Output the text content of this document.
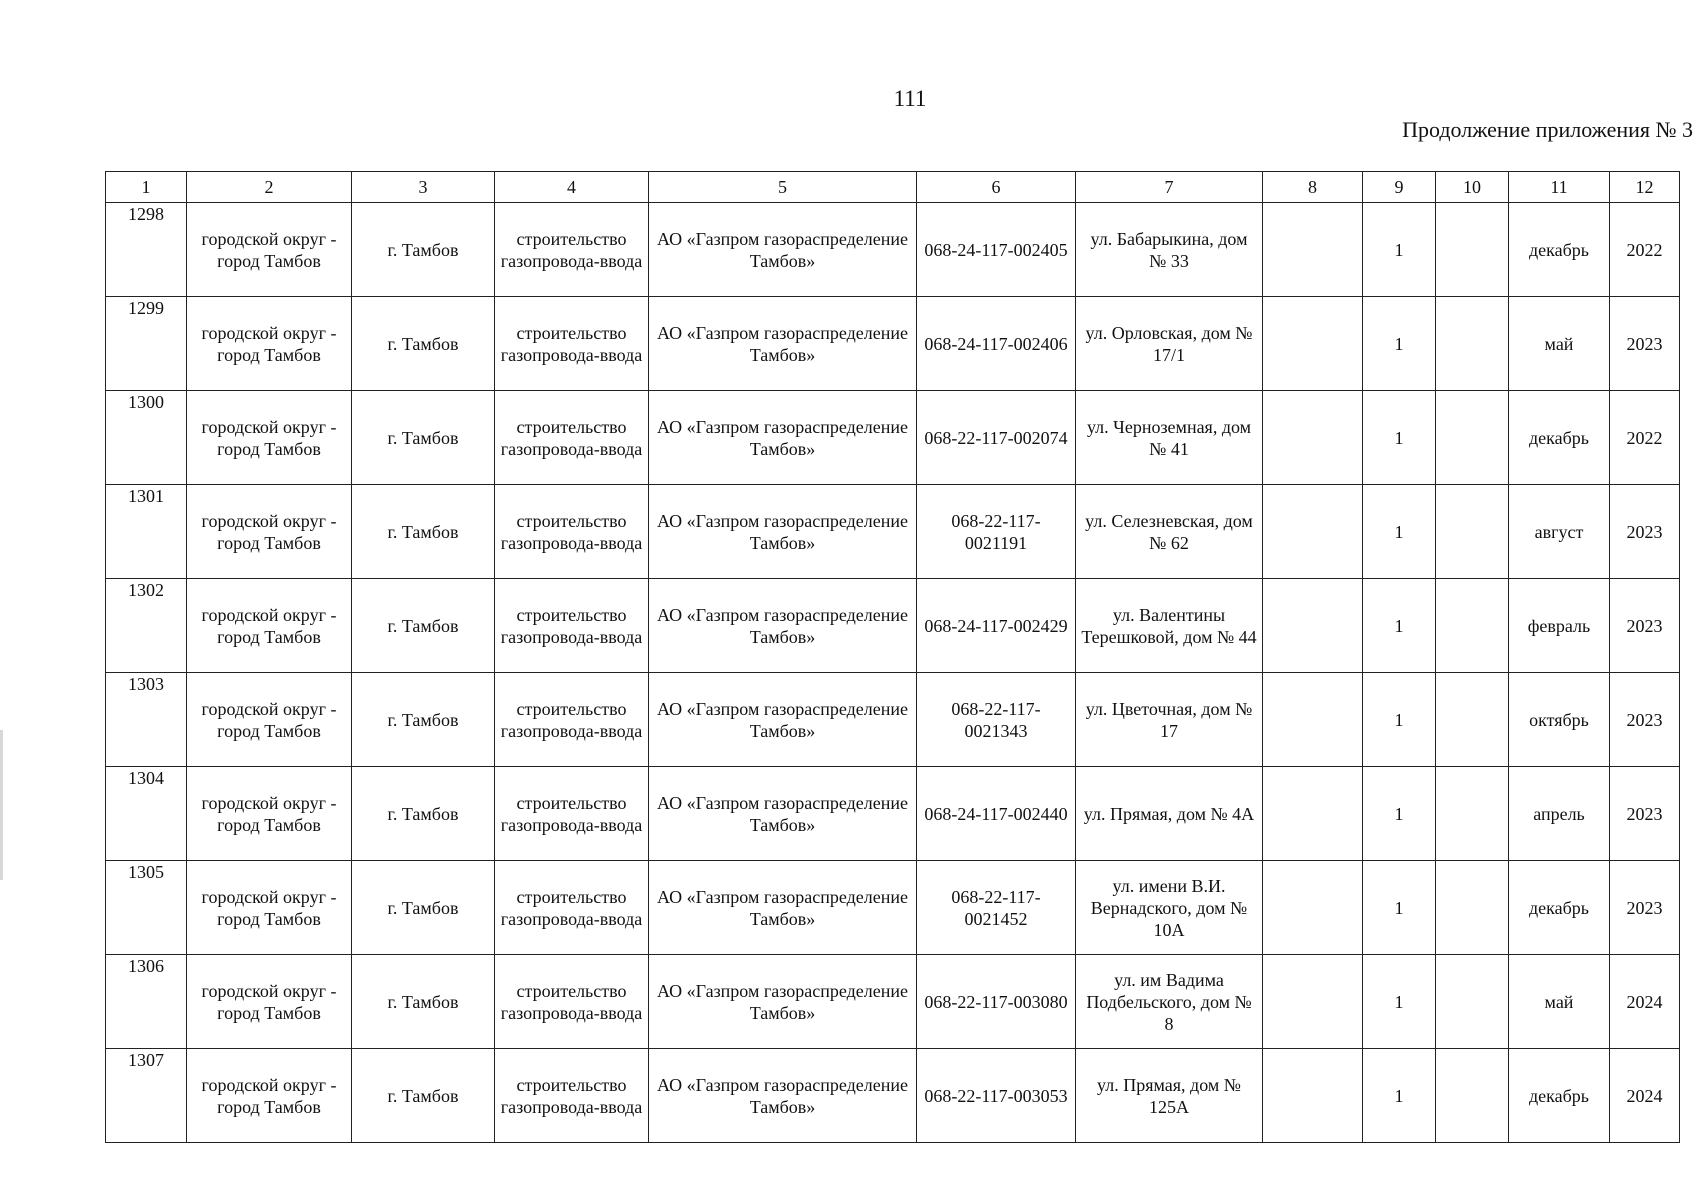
111
Продолжение приложения № 3
1	2	3	4	5	6	7	8	9	10	11	12
1298	городской округ - город Тамбов	г. Тамбов	строительство газопровода-ввода	АО «Газпром газораспределение Тамбов»	068-24-117-002405	ул. Бабарыкина, дом № 33		1		декабрь	2022
1299	городской округ - город Тамбов	г. Тамбов	строительство газопровода-ввода	АО «Газпром газораспределение Тамбов»	068-24-117-002406	ул. Орловская, дом № 17/1		1		май	2023
1300	городской округ - город Тамбов	г. Тамбов	строительство газопровода-ввода	АО «Газпром газораспределение Тамбов»	068-22-117-002074	ул. Черноземная, дом № 41		1		декабрь	2022
1301	городской округ - город Тамбов	г. Тамбов	строительство газопровода-ввода	АО «Газпром газораспределение Тамбов»	068-22-117-0021191	ул. Селезневская, дом № 62		1		август	2023
1302	городской округ - город Тамбов	г. Тамбов	строительство газопровода-ввода	АО «Газпром газораспределение Тамбов»	068-24-117-002429	ул. Валентины Терешковой, дом № 44		1		февраль	2023
1303	городской округ - город Тамбов	г. Тамбов	строительство газопровода-ввода	АО «Газпром газораспределение Тамбов»	068-22-117-0021343	ул. Цветочная, дом № 17		1		октябрь	2023
1304	городской округ - город Тамбов	г. Тамбов	строительство газопровода-ввода	АО «Газпром газораспределение Тамбов»	068-24-117-002440	ул. Прямая, дом № 4А		1		апрель	2023
1305	городской округ - город Тамбов	г. Тамбов	строительство газопровода-ввода	АО «Газпром газораспределение Тамбов»	068-22-117-0021452	ул. имени В.И. Вернадского, дом № 10А		1		декабрь	2023
1306	городской округ - город Тамбов	г. Тамбов	строительство газопровода-ввода	АО «Газпром газораспределение Тамбов»	068-22-117-003080	ул. им Вадима Подбельского, дом № 8		1		май	2024
1307	городской округ - город Тамбов	г. Тамбов	строительство газопровода-ввода	АО «Газпром газораспределение Тамбов»	068-22-117-003053	ул. Прямая, дом № 125А		1		декабрь	2024
